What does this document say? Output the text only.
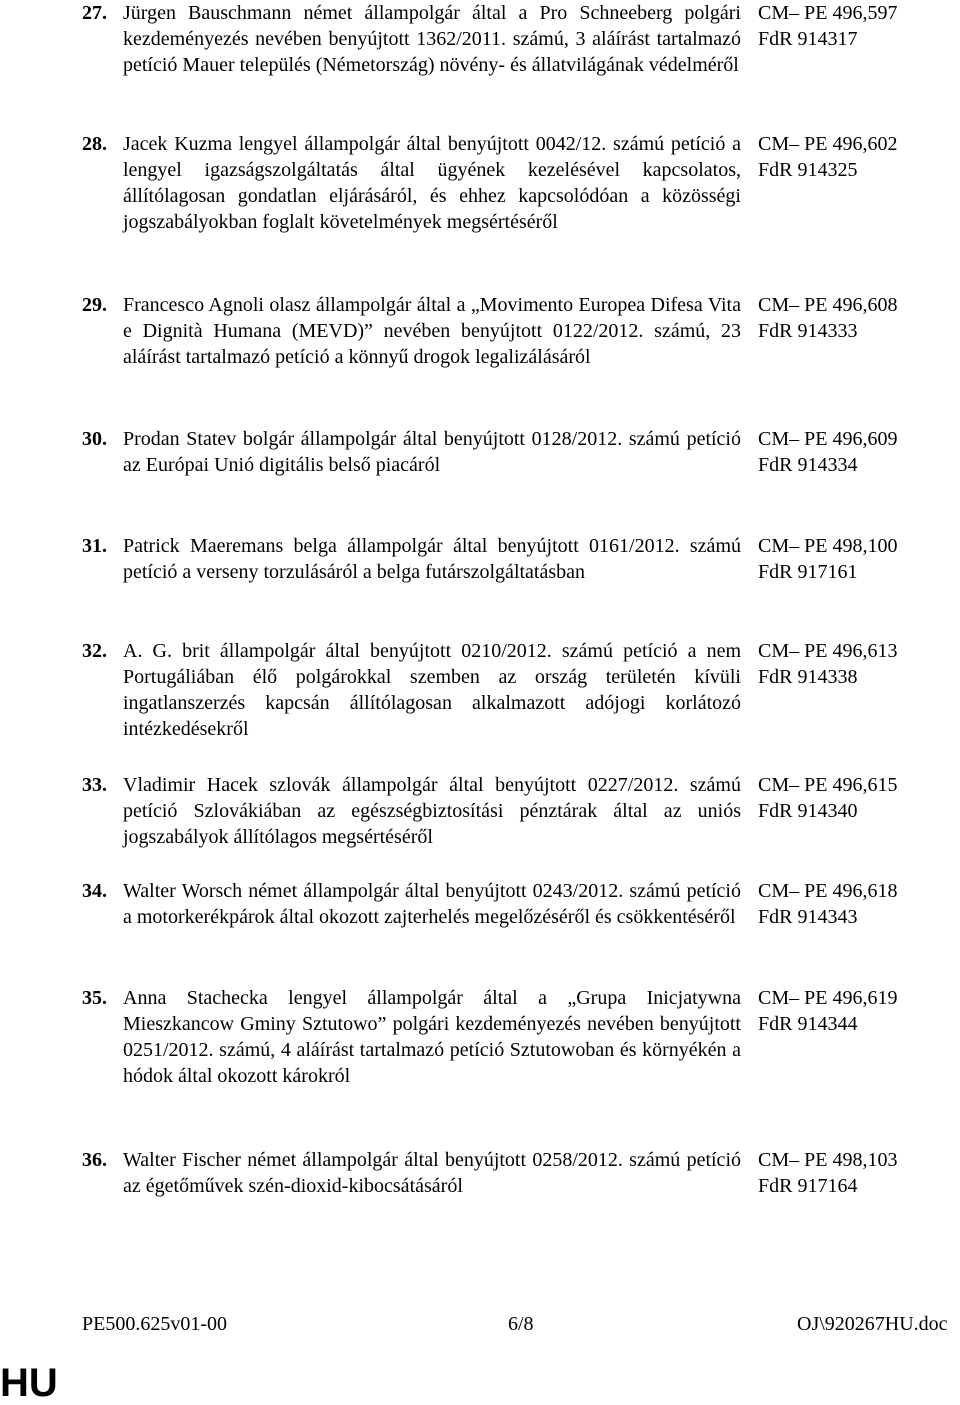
27. Jürgen Bauschmann német állampolgár által a Pro Schneeberg polgári kezdeményezés nevében benyújtott 1362/2011. számú, 3 aláírást tartalmazó petíció Mauer település (Németország) növény- és állatvilágának védelméről
CM– PE 496,597
FdR 914317
28. Jacek Kuzma lengyel állampolgár által benyújtott 0042/12. számú petíció a lengyel igazságszolgáltatás által ügyének kezelésével kapcsolatos, állítólagosan gondatlan eljárásáról, és ehhez kapcsolódóan a közösségi jogszabályokban foglalt követelmények megsértéséről
CM– PE 496,602
FdR 914325
29. Francesco Agnoli olasz állampolgár által a „Movimento Europea Difesa Vita e Dignità Humana (MEVD)” nevében benyújtott 0122/2012. számú, 23 aláírást tartalmazó petíció a könnyű drogok legalizálásáról
CM– PE 496,608
FdR 914333
30. Prodan Statev bolgár állampolgár által benyújtott 0128/2012. számú petíció az Európai Unió digitális belső piacáról
CM– PE 496,609
FdR 914334
31. Patrick Maeremans belga állampolgár által benyújtott 0161/2012. számú petíció a verseny torzulásáról a belga futárszolgáltatásban
CM– PE 498,100
FdR 917161
32. A. G. brit állampolgár által benyújtott 0210/2012. számú petíció a nem Portugáliában élő polgárokkal szemben az ország területén kívüli ingatlanszerzés kapcsán állítólagosan alkalmazott adójogi korlátozó intézkedésekről
CM– PE 496,613
FdR 914338
33. Vladimir Hacek szlovák állampolgár által benyújtott 0227/2012. számú petíció Szlovákiában az egészségbiztosítási pénztárak által az uniós jogszabályok állítólagos megsértéséről
CM– PE 496,615
FdR 914340
34. Walter Worsch német állampolgár által benyújtott 0243/2012. számú petíció a motorkerékpárok által okozott zajterhelés megelőzéséről és csökkentéséről
CM– PE 496,618
FdR 914343
35. Anna Stachecka lengyel állampolgár által a „Grupa Inicjatywna Mieszkancow Gminy Sztutowo” polgári kezdeményezés nevében benyújtott 0251/2012. számú, 4 aláírást tartalmazó petíció Sztutowoban és környékén a hódok által okozott károkról
CM– PE 496,619
FdR 914344
36. Walter Fischer német állampolgár által benyújtott 0258/2012. számú petíció az égetőművek szén-dioxid-kibocsátásáról
CM– PE 498,103
FdR 917164
PE500.625v01-00	6/8	OJ\920267HU.doc
HU
